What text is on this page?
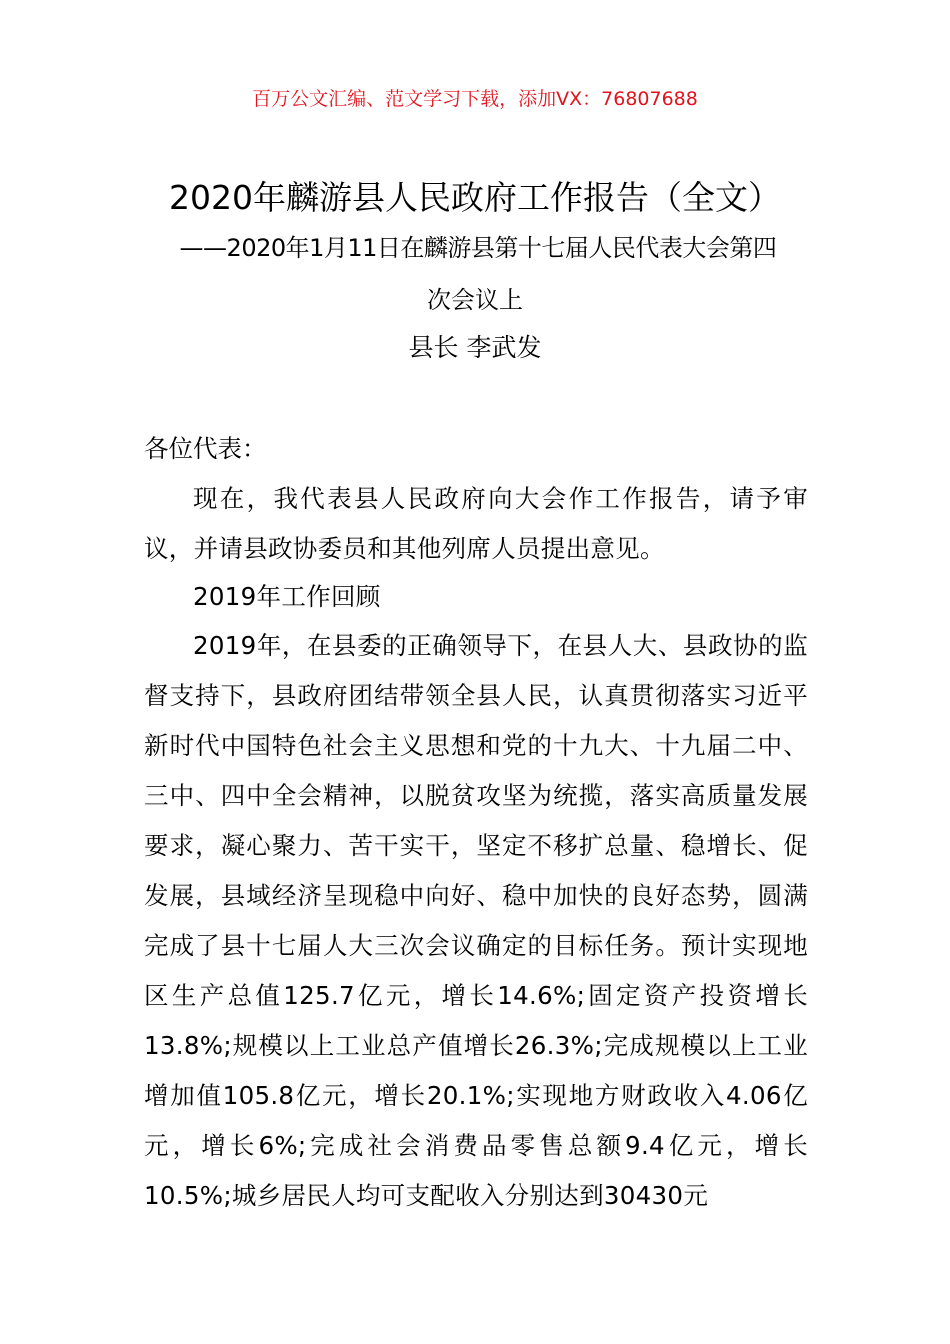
百万公文汇编、范文学习下载，添加VX：76807688
2020年麟游县人民政府工作报告（全文）
——2020年1月11日在麟游县第十七届人民代表大会第四
次会议上
县长 李武发
各位代表：

现在，我代表县人民政府向大会作工作报告，请予审议，并请县政协委员和其他列席人员提出意见。

2019年工作回顾

2019年，在县委的正确领导下，在县人大、县政协的监督支持下，县政府团结带领全县人民，认真贯彻落实习近平新时代中国特色社会主义思想和党的十九大、十九届二中、三中、四中全会精神，以脱贫攻坚为统揽，落实高质量发展要求，凝心聚力、苦干实干，坚定不移扩总量、稳增长、促发展，县域经济呈现稳中向好、稳中加快的良好态势，圆满完成了县十七届人大三次会议确定的目标任务。预计实现地区生产总值125.7亿元，增长14.6%;固定资产投资增长13.8%;规模以上工业总产值增长26.3%;完成规模以上工业增加值105.8亿元，增长20.1%;实现地方财政收入4.06亿元，增长6%;完成社会消费品零售总额9.4亿元，增长10.5%;城乡居民人均可支配收入分别达到30430元
